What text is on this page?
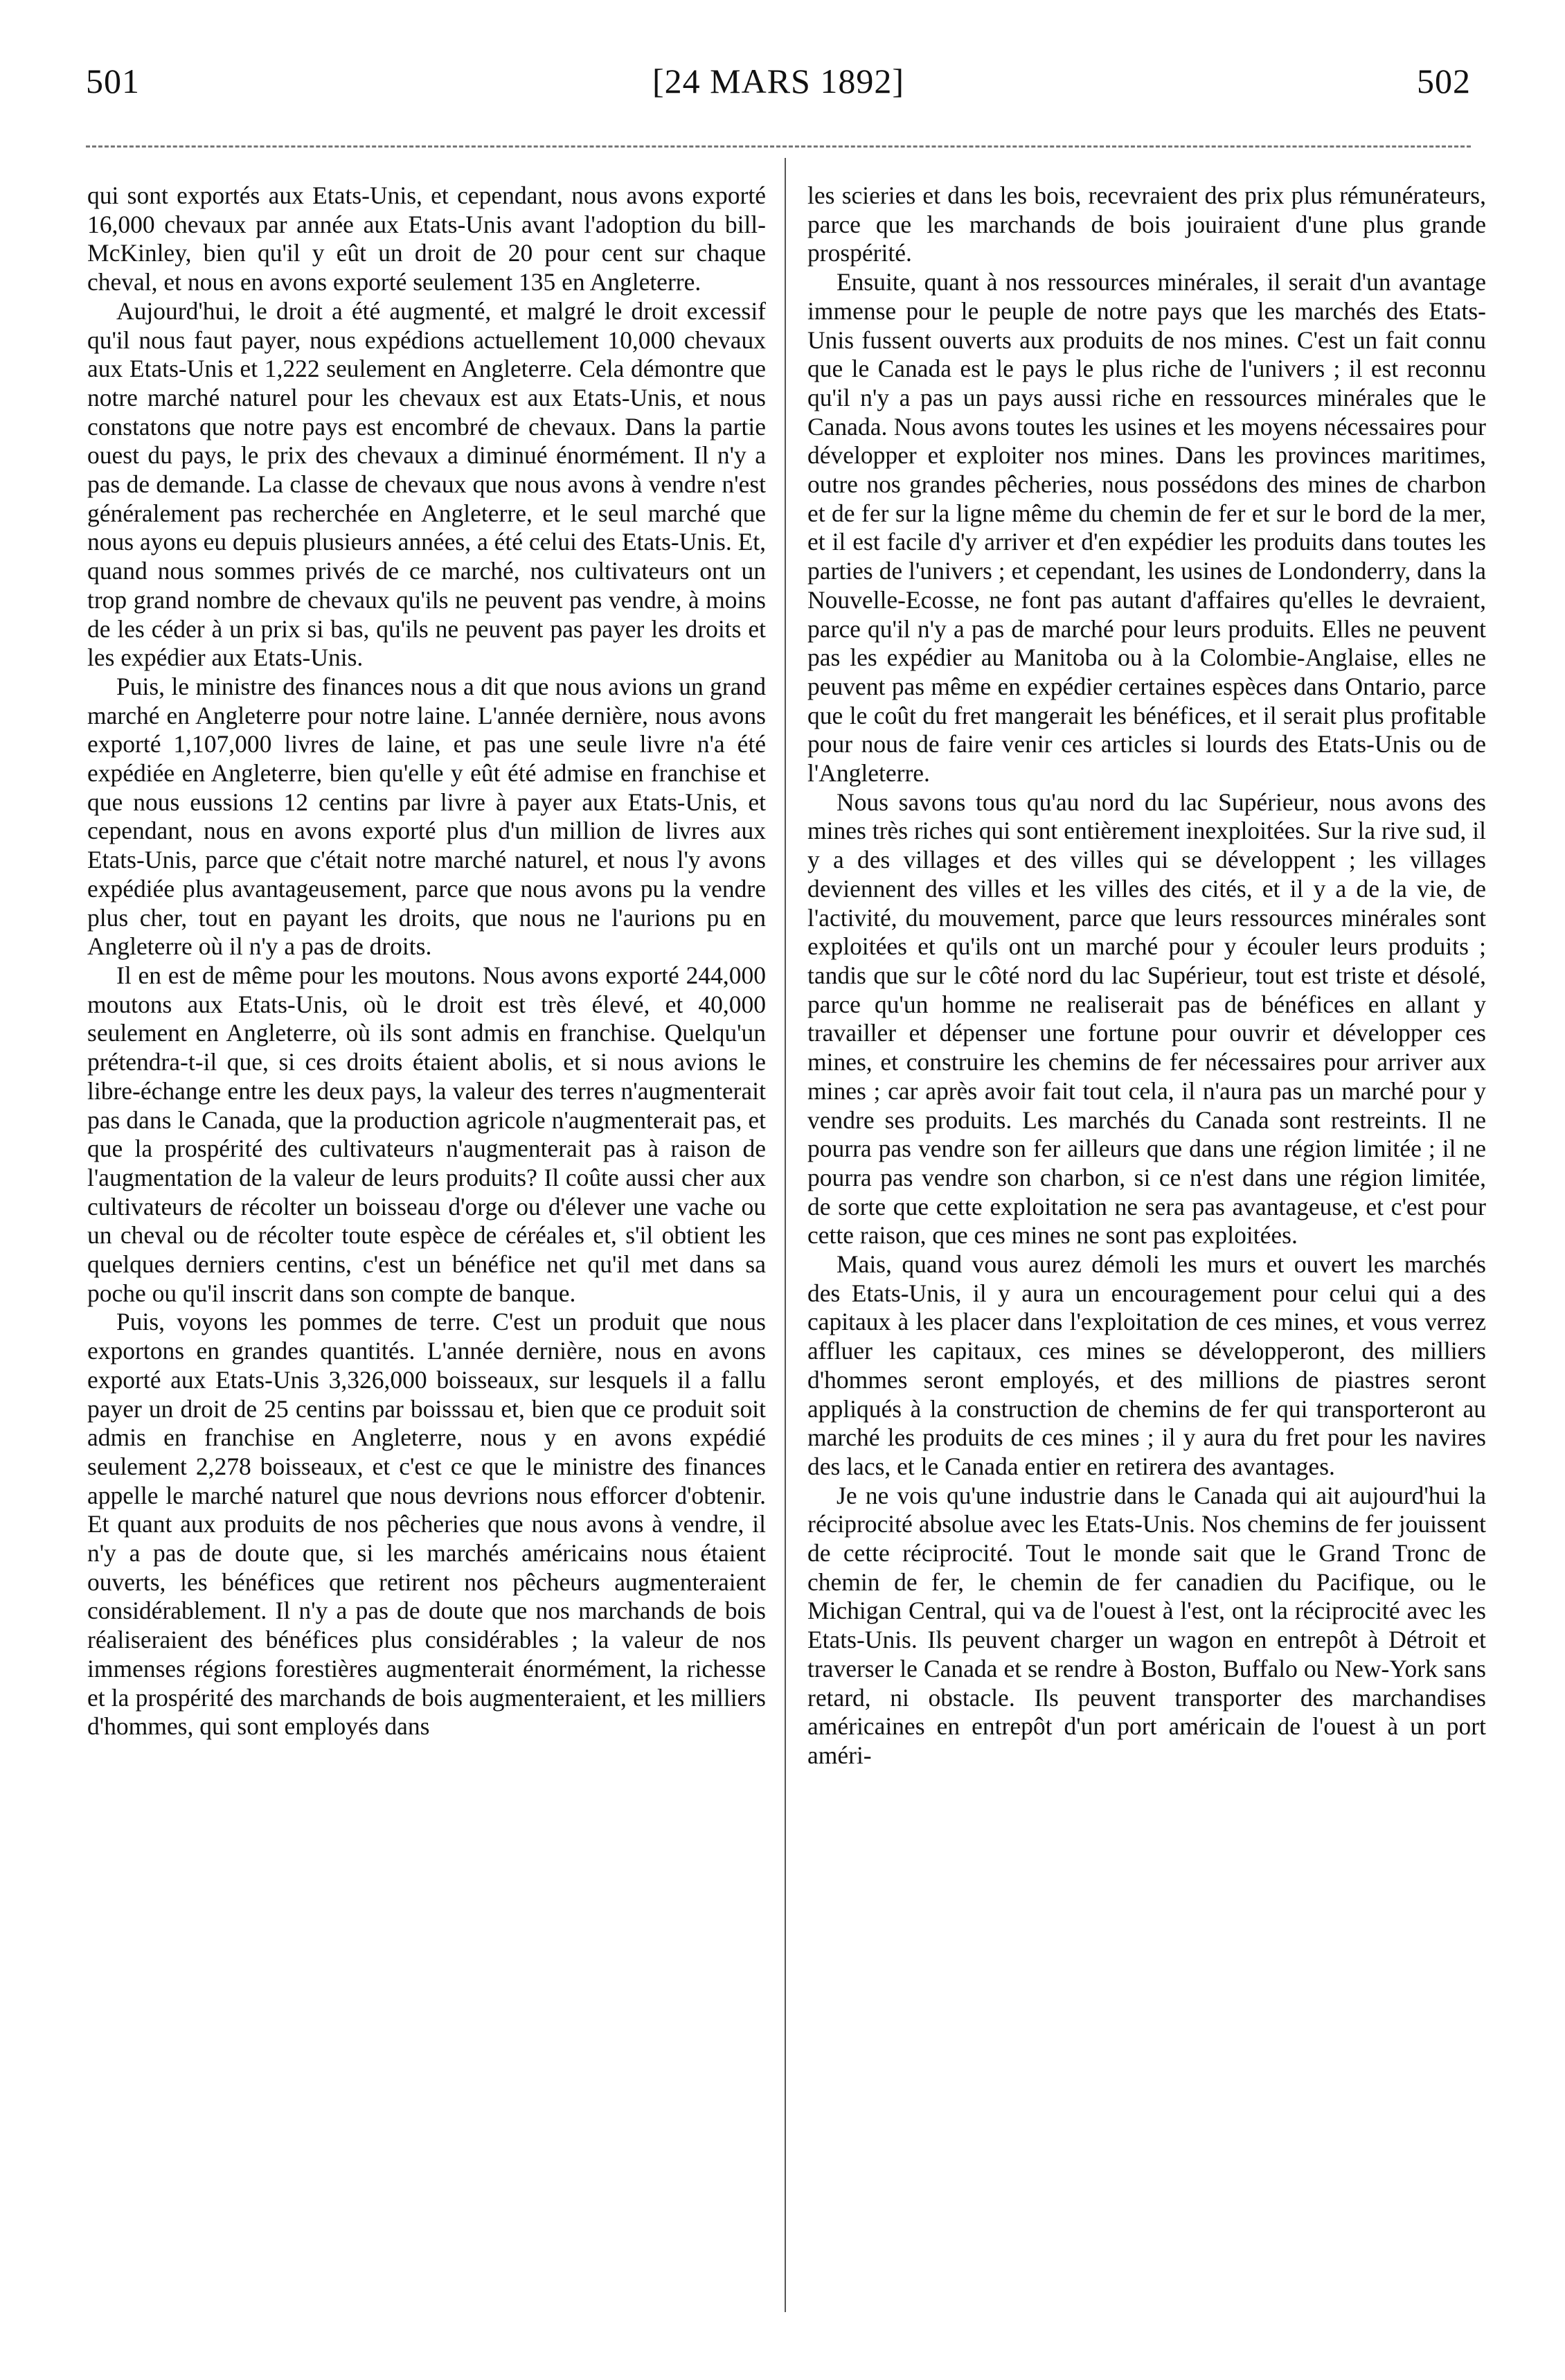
501	[24 MARS 1892]	502

qui sont exportés aux Etats-Unis, et cependant, nous avons exporté 16,000 chevaux par année aux Etats-Unis avant l'adoption du bill-McKinley, bien qu'il y eût un droit de 20 pour cent sur chaque cheval, et nous en avons exporté seulement 135 en Angleterre.

Aujourd'hui, le droit a été augmenté, et malgré le droit excessif qu'il nous faut payer, nous expédions actuellement 10,000 chevaux aux Etats-Unis et 1,222 seulement en Angleterre. Cela démontre que notre marché naturel pour les chevaux est aux Etats-Unis, et nous constatons que notre pays est encombré de chevaux. Dans la partie ouest du pays, le prix des chevaux a diminué énormément. Il n'y a pas de demande. La classe de chevaux que nous avons à vendre n'est généralement pas recherchée en Angleterre, et le seul marché que nous ayons eu depuis plusieurs années, a été celui des Etats-Unis. Et, quand nous sommes privés de ce marché, nos cultivateurs ont un trop grand nombre de chevaux qu'ils ne peuvent pas vendre, à moins de les céder à un prix si bas, qu'ils ne peuvent pas payer les droits et les expédier aux Etats-Unis.

Puis, le ministre des finances nous a dit que nous avions un grand marché en Angleterre pour notre laine. L'année dernière, nous avons exporté 1,107,000 livres de laine, et pas une seule livre n'a été expédiée en Angleterre, bien qu'elle y eût été admise en franchise et que nous eussions 12 centins par livre à payer aux Etats-Unis, et cependant, nous en avons exporté plus d'un million de livres aux Etats-Unis, parce que c'était notre marché naturel, et nous l'y avons expédiée plus avantageusement, parce que nous avons pu la vendre plus cher, tout en payant les droits, que nous ne l'aurions pu en Angleterre où il n'y a pas de droits.

Il en est de même pour les moutons. Nous avons exporté 244,000 moutons aux Etats-Unis, où le droit est très élevé, et 40,000 seulement en Angleterre, où ils sont admis en franchise. Quelqu'un prétendra-t-il que, si ces droits étaient abolis, et si nous avions le libre-échange entre les deux pays, la valeur des terres n'augmenterait pas dans le Canada, que la production agricole n'augmenterait pas, et que la prospérité des cultivateurs n'augmenterait pas à raison de l'augmentation de la valeur de leurs produits? Il coûte aussi cher aux cultivateurs de récolter un boisseau d'orge ou d'élever une vache ou un cheval ou de récolter toute espèce de céréales et, s'il obtient les quelques derniers centins, c'est un bénéfice net qu'il met dans sa poche ou qu'il inscrit dans son compte de banque.

Puis, voyons les pommes de terre. C'est un produit que nous exportons en grandes quantités. L'année dernière, nous en avons exporté aux Etats-Unis 3,326,000 boisseaux, sur lesquels il a fallu payer un droit de 25 centins par boisssau et, bien que ce produit soit admis en franchise en Angleterre, nous y en avons expédié seulement 2,278 boisseaux, et c'est ce que le ministre des finances appelle le marché naturel que nous devrions nous efforcer d'obtenir. Et quant aux produits de nos pêcheries que nous avons à vendre, il n'y a pas de doute que, si les marchés américains nous étaient ouverts, les bénéfices que retirent nos pêcheurs augmenteraient considérablement. Il n'y a pas de doute que nos marchands de bois réaliseraient des bénéfices plus considérables ; la valeur de nos immenses régions forestières augmenterait énormément, la richesse et la prospérité des marchands de bois augmenteraient, et les milliers d'hommes, qui sont employés dans

les scieries et dans les bois, recevraient des prix plus rémunérateurs, parce que les marchands de bois jouiraient d'une plus grande prospérité.

Ensuite, quant à nos ressources minérales, il serait d'un avantage immense pour le peuple de notre pays que les marchés des Etats-Unis fussent ouverts aux produits de nos mines. C'est un fait connu que le Canada est le pays le plus riche de l'univers ; il est reconnu qu'il n'y a pas un pays aussi riche en ressources minérales que le Canada. Nous avons toutes les usines et les moyens nécessaires pour développer et exploiter nos mines. Dans les provinces maritimes, outre nos grandes pêcheries, nous possédons des mines de charbon et de fer sur la ligne même du chemin de fer et sur le bord de la mer, et il est facile d'y arriver et d'en expédier les produits dans toutes les parties de l'univers ; et cependant, les usines de Londonderry, dans la Nouvelle-Ecosse, ne font pas autant d'affaires qu'elles le devraient, parce qu'il n'y a pas de marché pour leurs produits. Elles ne peuvent pas les expédier au Manitoba ou à la Colombie-Anglaise, elles ne peuvent pas même en expédier certaines espèces dans Ontario, parce que le coût du fret mangerait les bénéfices, et il serait plus profitable pour nous de faire venir ces articles si lourds des Etats-Unis ou de l'Angleterre.

Nous savons tous qu'au nord du lac Supérieur, nous avons des mines très riches qui sont entièrement inexploitées. Sur la rive sud, il y a des villages et des villes qui se développent ; les villages deviennent des villes et les villes des cités, et il y a de la vie, de l'activité, du mouvement, parce que leurs ressources minérales sont exploitées et qu'ils ont un marché pour y écouler leurs produits ; tandis que sur le côté nord du lac Supérieur, tout est triste et désolé, parce qu'un homme ne realiserait pas de bénéfices en allant y travailler et dépenser une fortune pour ouvrir et développer ces mines, et construire les chemins de fer nécessaires pour arriver aux mines ; car après avoir fait tout cela, il n'aura pas un marché pour y vendre ses produits. Les marchés du Canada sont restreints. Il ne pourra pas vendre son fer ailleurs que dans une région limitée ; il ne pourra pas vendre son charbon, si ce n'est dans une région limitée, de sorte que cette exploitation ne sera pas avantageuse, et c'est pour cette raison, que ces mines ne sont pas exploitées.

Mais, quand vous aurez démoli les murs et ouvert les marchés des Etats-Unis, il y aura un encouragement pour celui qui a des capitaux à les placer dans l'exploitation de ces mines, et vous verrez affluer les capitaux, ces mines se développeront, des milliers d'hommes seront employés, et des millions de piastres seront appliqués à la construction de chemins de fer qui transporteront au marché les produits de ces mines ; il y aura du fret pour les navires des lacs, et le Canada entier en retirera des avantages.

Je ne vois qu'une industrie dans le Canada qui ait aujourd'hui la réciprocité absolue avec les Etats-Unis. Nos chemins de fer jouissent de cette réciprocité. Tout le monde sait que le Grand Tronc de chemin de fer, le chemin de fer canadien du Pacifique, ou le Michigan Central, qui va de l'ouest à l'est, ont la réciprocité avec les Etats-Unis. Ils peuvent charger un wagon en entrepôt à Détroit et traverser le Canada et se rendre à Boston, Buffalo ou New-York sans retard, ni obstacle. Ils peuvent transporter des marchandises américaines en entrepôt d'un port américain de l'ouest à un port améri-
